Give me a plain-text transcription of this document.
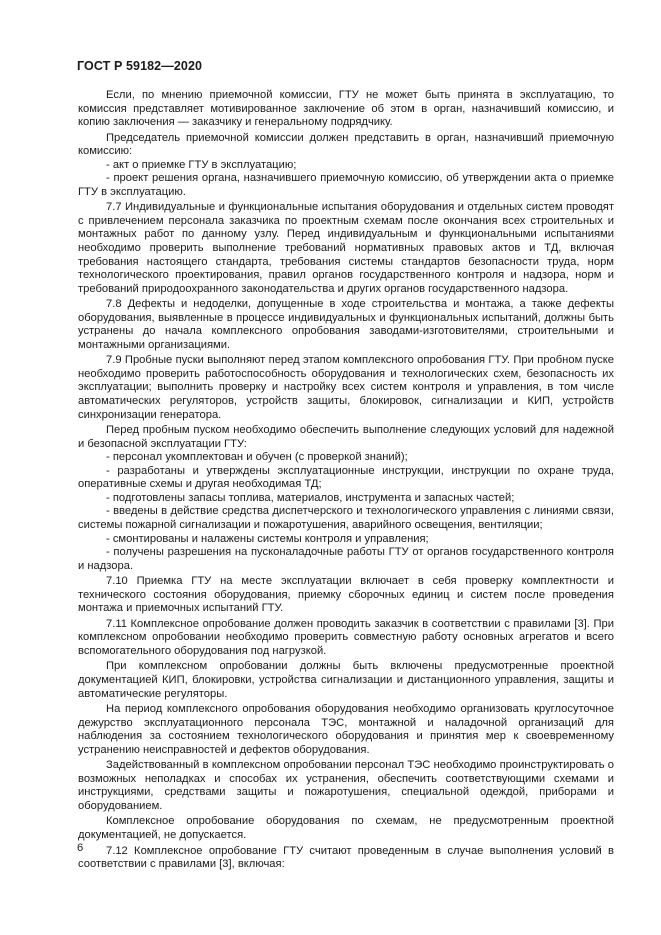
ГОСТ Р 59182—2020

Если, по мнению приемочной комиссии, ГТУ не может быть принята в эксплуатацию, то комиссия представляет мотивированное заключение об этом в орган, назначивший комиссию, и копию заключения — заказчику и генеральному подрядчику.

Председатель приемочной комиссии должен представить в орган, назначивший приемочную комиссию:

- акт о приемке ГТУ в эксплуатацию;

- проект решения органа, назначившего приемочную комиссию, об утверждении акта о приемке ГТУ в эксплуатацию.

7.7 Индивидуальные и функциональные испытания оборудования и отдельных систем проводят с привлечением персонала заказчика по проектным схемам после окончания всех строительных и монтажных работ по данному узлу. Перед индивидуальным и функциональными испытаниями необходимо проверить выполнение требований нормативных правовых актов и ТД, включая требования настоящего стандарта, требования системы стандартов безопасности труда, норм технологического проектирования, правил органов государственного контроля и надзора, норм и требований природоохранного законодательства и других органов государственного надзора.

7.8 Дефекты и недоделки, допущенные в ходе строительства и монтажа, а также дефекты оборудования, выявленные в процессе индивидуальных и функциональных испытаний, должны быть устранены до начала комплексного опробования заводами-изготовителями, строительными и монтажными организациями.

7.9 Пробные пуски выполняют перед этапом комплексного опробования ГТУ. При пробном пуске необходимо проверить работоспособность оборудования и технологических схем, безопасность их эксплуатации; выполнить проверку и настройку всех систем контроля и управления, в том числе автоматических регуляторов, устройств защиты, блокировок, сигнализации и КИП, устройств синхронизации генератора.

Перед пробным пуском необходимо обеспечить выполнение следующих условий для надежной и безопасной эксплуатации ГТУ:

- персонал укомплектован и обучен (с проверкой знаний);

- разработаны и утверждены эксплуатационные инструкции, инструкции по охране труда, оперативные схемы и другая необходимая ТД;

- подготовлены запасы топлива, материалов, инструмента и запасных частей;

- введены в действие средства диспетчерского и технологического управления с линиями связи, системы пожарной сигнализации и пожаротушения, аварийного освещения, вентиляции;

- смонтированы и налажены системы контроля и управления;

- получены разрешения на пусконаладочные работы ГТУ от органов государственного контроля и надзора.

7.10 Приемка ГТУ на месте эксплуатации включает в себя проверку комплектности и технического состояния оборудования, приемку сборочных единиц и систем после проведения монтажа и приемочных испытаний ГТУ.

7.11 Комплексное опробование должен проводить заказчик в соответствии с правилами [3]. При комплексном опробовании необходимо проверить совместную работу основных агрегатов и всего вспомогательного оборудования под нагрузкой.

При комплексном опробовании должны быть включены предусмотренные проектной документацией КИП, блокировки, устройства сигнализации и дистанционного управления, защиты и автоматические регуляторы.

На период комплексного опробования оборудования необходимо организовать круглосуточное дежурство эксплуатационного персонала ТЭС, монтажной и наладочной организаций для наблюдения за состоянием технологического оборудования и принятия мер к своевременному устранению неисправностей и дефектов оборудования.

Задействованный в комплексном опробовании персонал ТЭС необходимо проинструктировать о возможных неполадках и способах их устранения, обеспечить соответствующими схемами и инструкциями, средствами защиты и пожаротушения, специальной одеждой, приборами и оборудованием.

Комплексное опробование оборудования по схемам, не предусмотренным проектной документацией, не допускается.

7.12 Комплексное опробование ГТУ считают проведенным в случае выполнения условий в соответствии с правилами [3], включая:

6
